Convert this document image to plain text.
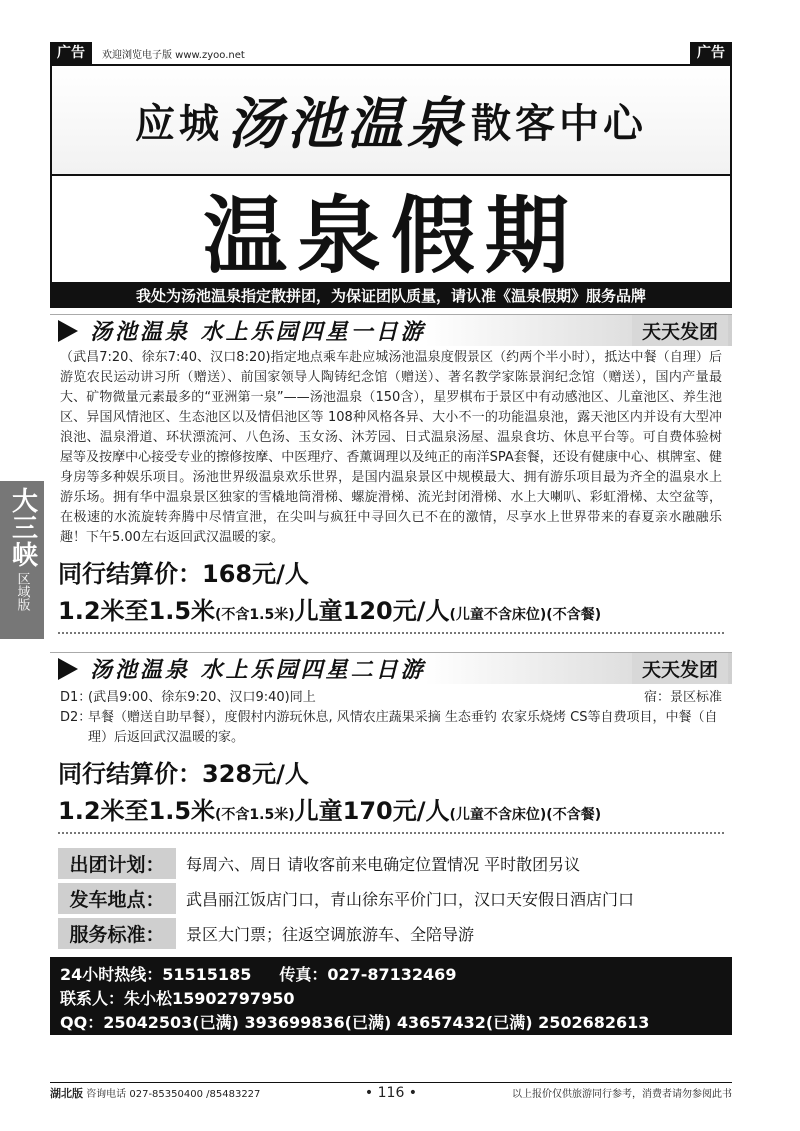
大三峡
区域版
广告	欢迎浏览电子版 www.zyoo.net	广告
应城 汤池温泉 散客中心
温泉假期
我处为汤池温泉指定散拼团，为保证团队质量，请认准《温泉假期》服务品牌
汤池温泉 水上乐园四星一日游	天天发团

（武昌7:20、徐东7:40、汉口8:20)指定地点乘车赴应城汤池温泉度假景区（约两个半小时），抵达中餐（自理）后游览农民运动讲习所（赠送）、前国家领导人陶铸纪念馆（赠送）、著名教学家陈景润纪念馆（赠送），国内产量最大、矿物微量元素最多的“亚洲第一泉”——汤池温泉（150含），星罗棋布于景区中有动感池区、儿童池区、养生池区、异国风情池区、生态池区以及情侣池区等 108种风格各异、大小不一的功能温泉池，露天池区内并设有大型冲浪池、温泉滑道、环状漂流河、八色汤、玉女汤、沐芳园、日式温泉汤屋、温泉食坊、休息平台等。可自费体验树屋等及按摩中心接受专业的擦修按摩、中医理疗、香薰调理以及纯正的南洋SPA套餐，还设有健康中心、棋牌室、健身房等多种娱乐项目。汤池世界级温泉欢乐世界，是国内温泉景区中规模最大、拥有游乐项目最为齐全的温泉水上游乐场。拥有华中温泉景区独家的雪橇地筒滑梯、螺旋滑梯、流光封闭滑梯、水上大喇叭、彩虹滑梯、太空盆等，在极速的水流旋转奔腾中尽情宣泄，在尖叫与疯狂中寻回久已不在的激情，尽享水上世界带来的春夏亲水融融乐趣！下午5.00左右返回武汉温暖的家。

同行结算价：168元/人
1.2米至1.5米(不含1.5米)儿童120元/人(儿童不含床位)(不含餐)
汤池温泉 水上乐园四星二日游	天天发团
D1：
(武昌9:00、徐东9:20、汉口9:40)同上	宿：景区标准
D2：
早餐（赠送自助早餐），度假村内游玩休息, 风情农庄蔬果采摘 生态垂钓 农家乐烧烤 CS等自费项目，中餐（自理）后返回武汉温暖的家。
同行结算价：328元/人
1.2米至1.5米(不含1.5米)儿童170元/人(儿童不含床位)(不含餐)
出团计划：	每周六、周日 请收客前来电确定位置情况 平时散团另议
发车地点：	武昌丽江饭店门口，青山徐东平价门口，汉口天安假日酒店门口
服务标准：	景区大门票；往返空调旅游车、全陪导游
24小时热线：51515185 传真：027-87132469
联系人：朱小松15902797950
QQ：25042503(已满) 393699836(已满) 43657432(已满) 2502682613 43756432
湖北版 咨询电话 027-85350400 /85483227	• 116 •	以上报价仅供旅游同行参考，消费者请勿参阅此书
